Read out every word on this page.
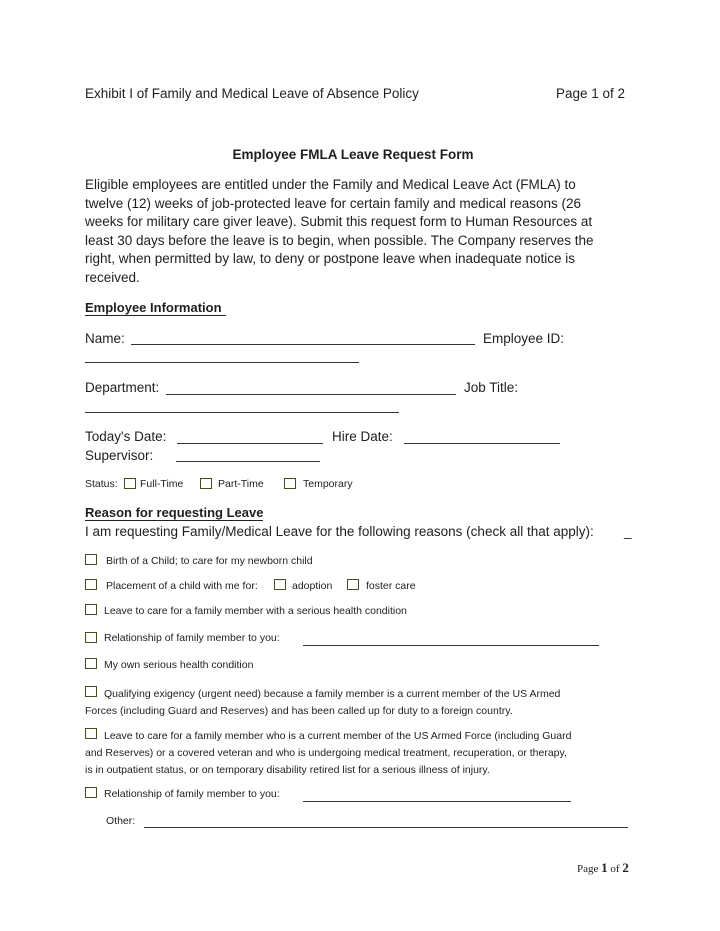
Exhibit I of Family and Medical Leave of Absence Policy	Page 1 of 2
Employee FMLA Leave Request Form
Eligible employees are entitled under the Family and Medical Leave Act (FMLA) to
twelve (12) weeks of job-protected leave for certain family and medical reasons (26
weeks for military care giver leave). Submit this request form to Human Resources at
least 30 days before the leave is to begin, when possible. The Company reserves the
right, when permitted by law, to deny or postpone leave when inadequate notice is
received.
Employee Information
Name:	Employee ID:
Department:	Job Title:
Today's Date:	Hire Date:
Supervisor:
Status: Full-Time	Part-Time	Temporary
Reason for requesting Leave
I am requesting Family/Medical Leave for the following reasons (check all that apply): _
Birth of a Child; to care for my newborn child
Placement of a child with me for:	adoption	foster care
Leave to care for a family member with a serious health condition
Relationship of family member to you:
My own serious health condition
Qualifying exigency (urgent need) because a family member is a current member of the US Armed
Forces (including Guard and Reserves) and has been called up for duty to a foreign country.
Leave to care for a family member who is a current member of the US Armed Force (including Guard
and Reserves) or a covered veteran and who is undergoing medical treatment, recuperation, or therapy,
is in outpatient status, or on temporary disability retired list for a serious illness of injury.
Relationship of family member to you:
Other:
Page 1 of 2
